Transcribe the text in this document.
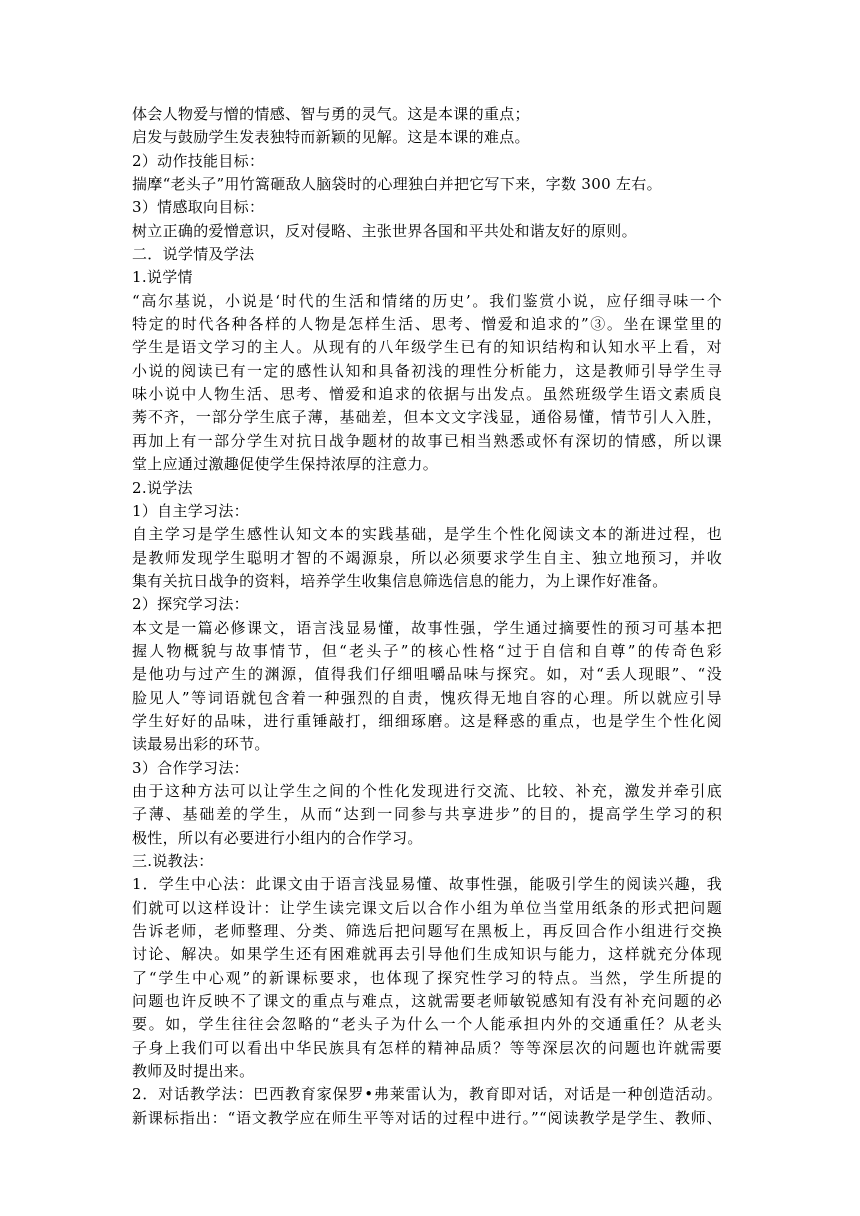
体会人物爱与憎的情感、智与勇的灵气。这是本课的重点；
启发与鼓励学生发表独特而新颖的见解。这是本课的难点。
2）动作技能目标：
揣摩“老头子”用竹篙砸敌人脑袋时的心理独白并把它写下来，字数 300 左右。
3）情感取向目标：
树立正确的爱憎意识，反对侵略、主张世界各国和平共处和谐友好的原则。
二．说学情及学法
1.说学情
“高尔基说，小说是‘时代的生活和情绪的历史’。我们鉴赏小说，应仔细寻味一个
特定的时代各种各样的人物是怎样生活、思考、憎爱和追求的”③。坐在课堂里的
学生是语文学习的主人。从现有的八年级学生已有的知识结构和认知水平上看，对
小说的阅读已有一定的感性认知和具备初浅的理性分析能力，这是教师引导学生寻
味小说中人物生活、思考、憎爱和追求的依据与出发点。虽然班级学生语文素质良
莠不齐，一部分学生底子薄，基础差，但本文文字浅显，通俗易懂，情节引人入胜，
再加上有一部分学生对抗日战争题材的故事已相当熟悉或怀有深切的情感，所以课
堂上应通过激趣促使学生保持浓厚的注意力。
2.说学法
1）自主学习法：
自主学习是学生感性认知文本的实践基础，是学生个性化阅读文本的渐进过程，也
是教师发现学生聪明才智的不竭源泉，所以必须要求学生自主、独立地预习，并收
集有关抗日战争的资料，培养学生收集信息筛选信息的能力，为上课作好准备。
2）探究学习法：
本文是一篇必修课文，语言浅显易懂，故事性强，学生通过摘要性的预习可基本把
握人物概貌与故事情节，但“老头子”的核心性格“过于自信和自尊”的传奇色彩
是他功与过产生的渊源，值得我们仔细咀嚼品味与探究。如，对“丢人现眼”、“没
脸见人”等词语就包含着一种强烈的自责，愧疚得无地自容的心理。所以就应引导
学生好好的品味，进行重锤敲打，细细琢磨。这是释惑的重点，也是学生个性化阅
读最易出彩的环节。
3）合作学习法：
由于这种方法可以让学生之间的个性化发现进行交流、比较、补充，激发并牵引底
子薄、基础差的学生，从而“达到一同参与共享进步”的目的，提高学生学习的积
极性，所以有必要进行小组内的合作学习。
三.说教法：
1．学生中心法：此课文由于语言浅显易懂、故事性强，能吸引学生的阅读兴趣，我
们就可以这样设计：让学生读完课文后以合作小组为单位当堂用纸条的形式把问题
告诉老师，老师整理、分类、筛选后把问题写在黑板上，再反回合作小组进行交换
讨论、解决。如果学生还有困难就再去引导他们生成知识与能力，这样就充分体现
了“学生中心观”的新课标要求，也体现了探究性学习的特点。当然，学生所提的
问题也许反映不了课文的重点与难点，这就需要老师敏锐感知有没有补充问题的必
要。如，学生往往会忽略的“老头子为什么一个人能承担内外的交通重任？从老头
子身上我们可以看出中华民族具有怎样的精神品质？等等深层次的问题也许就需要
教师及时提出来。
2．对话教学法：巴西教育家保罗•弗莱雷认为，教育即对话，对话是一种创造活动。
新课标指出：“语文教学应在师生平等对话的过程中进行。”“阅读教学是学生、教师、
